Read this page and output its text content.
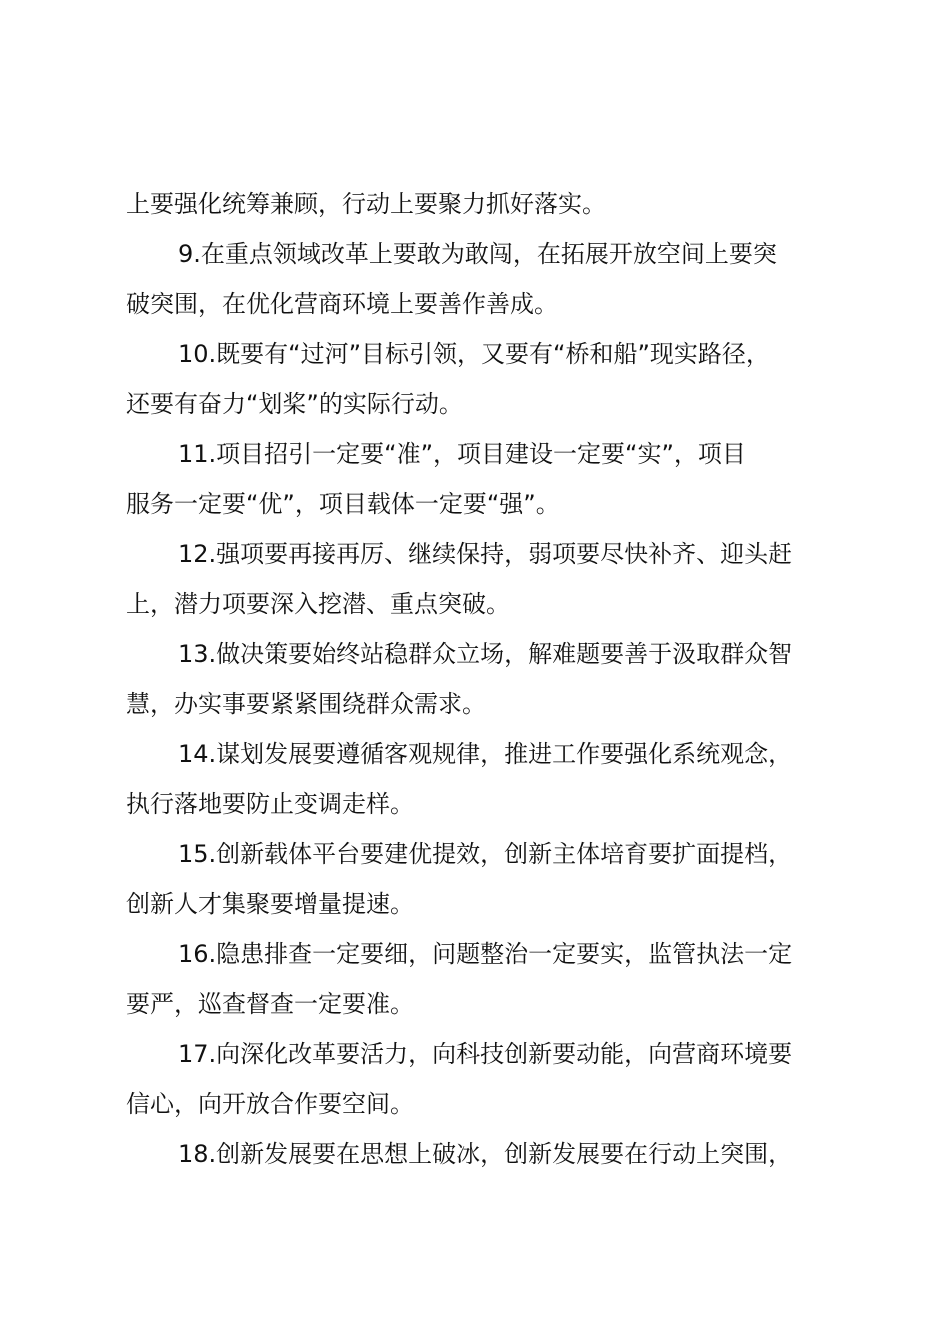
上要强化统筹兼顾，行动上要聚力抓好落实。
9.在重点领域改革上要敢为敢闯，在拓展开放空间上要突
破突围，在优化营商环境上要善作善成。
10.既要有“过河”目标引领，又要有“桥和船”现实路径，
还要有奋力“划桨”的实际行动。
11.项目招引一定要“准”，项目建设一定要“实”，项目
服务一定要“优”，项目载体一定要“强”。
12.强项要再接再厉、继续保持，弱项要尽快补齐、迎头赶
上，潜力项要深入挖潜、重点突破。
13.做决策要始终站稳群众立场，解难题要善于汲取群众智
慧，办实事要紧紧围绕群众需求。
14.谋划发展要遵循客观规律，推进工作要强化系统观念，
执行落地要防止变调走样。
15.创新载体平台要建优提效，创新主体培育要扩面提档，
创新人才集聚要增量提速。
16.隐患排查一定要细，问题整治一定要实，监管执法一定
要严，巡查督查一定要准。
17.向深化改革要活力，向科技创新要动能，向营商环境要
信心，向开放合作要空间。
18.创新发展要在思想上破冰，创新发展要在行动上突围，
